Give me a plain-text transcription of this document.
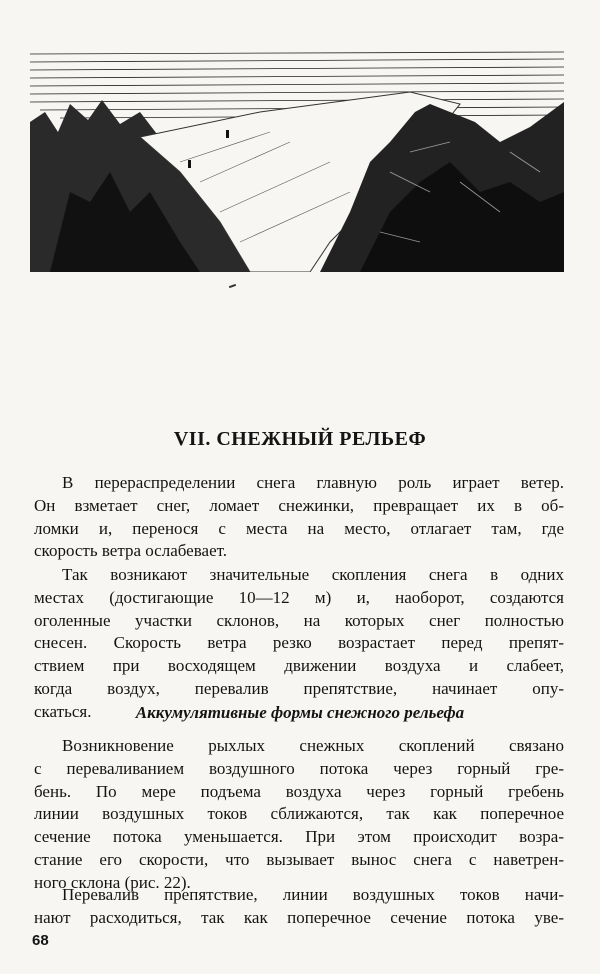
VII. СНЕЖНЫЙ РЕЛЬЕФ
В перераспределении снега главную роль играет ветер.
Он взметает снег, ломает снежинки, превращает их в об-
ломки и, перенося с места на место, отлагает там, где
скорость ветра ослабевает.
Так возникают значительные скопления снега в одних
местах (достигающие 10—12 м) и, наоборот, создаются
оголенные участки склонов, на которых снег полностью
снесен. Скорость ветра резко возрастает перед препят-
ствием при восходящем движении воздуха и слабеет,
когда воздух, перевалив препятствие, начинает опу-
скаться.	Аккумулятивные формы снежного рельефа
Возникновение рыхлых снежных скоплений связано
с переваливанием воздушного потока через горный гре-
бень. По мере подъема воздуха через горный гребень
линии воздушных токов сближаются, так как поперечное
сечение потока уменьшается. При этом происходит возра-
стание его скорости, что вызывает вынос снега с наветрен-
ного склона (рис. 22).
Перевалив препятствие, линии воздушных токов начи-
нают расходиться, так как поперечное сечение потока уве-
68
